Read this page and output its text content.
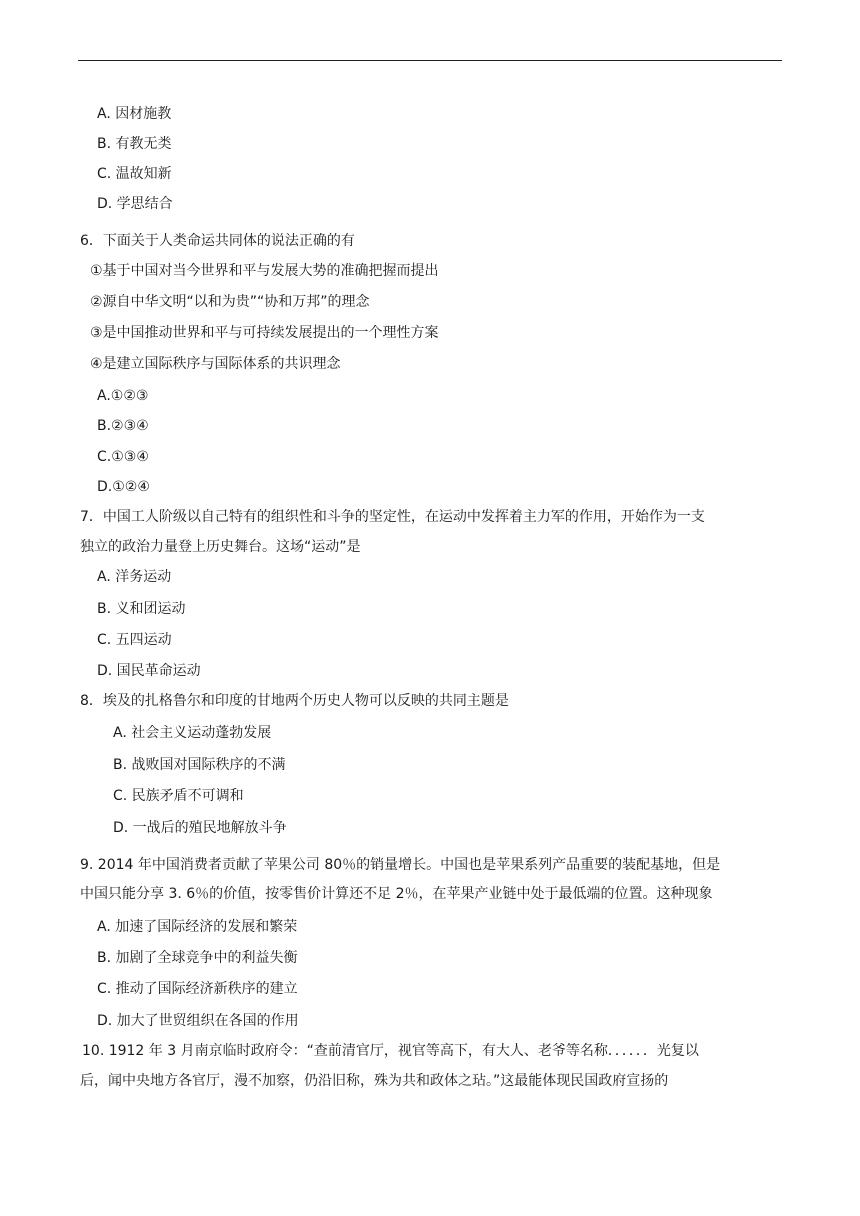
A. 因材施教
B. 有教无类
C. 温故知新
D. 学思结合
6．下面关于人类命运共同体的说法正确的有
①基于中国对当今世界和平与发展大势的准确把握而提出
②源自中华文明“以和为贵”“协和万邦”的理念
③是中国推动世界和平与可持续发展提出的一个理性方案
④是建立国际秩序与国际体系的共识理念
A.①②③
B.②③④
C.①③④
D.①②④
7．中国工人阶级以自己特有的组织性和斗争的坚定性，在运动中发挥着主力军的作用，开始作为一支
独立的政治力量登上历史舞台。这场“运动”是
A. 洋务运动
B. 义和团运动
C. 五四运动
D. 国民革命运动
8．埃及的扎格鲁尔和印度的甘地两个历史人物可以反映的共同主题是
A. 社会主义运动蓬勃发展
B. 战败国对国际秩序的不满
C. 民族矛盾不可调和
D. 一战后的殖民地解放斗争
9. 2014 年中国消费者贡献了苹果公司 80％的销量增长。中国也是苹果系列产品重要的装配基地，但是
中国只能分享 3. 6％的价值，按零售价计算还不足 2％，在苹果产业链中处于最低端的位置。这种现象
A. 加速了国际经济的发展和繁荣
B. 加剧了全球竞争中的利益失衡
C. 推动了国际经济新秩序的建立
D. 加大了世贸组织在各国的作用
10. 1912 年 3 月南京临时政府令：“查前清官厅，视官等高下，有大人、老爷等名称．．．．．．光复以
后，闻中央地方各官厅，漫不加察，仍沿旧称，殊为共和政体之玷。”这最能体现民国政府宣扬的
